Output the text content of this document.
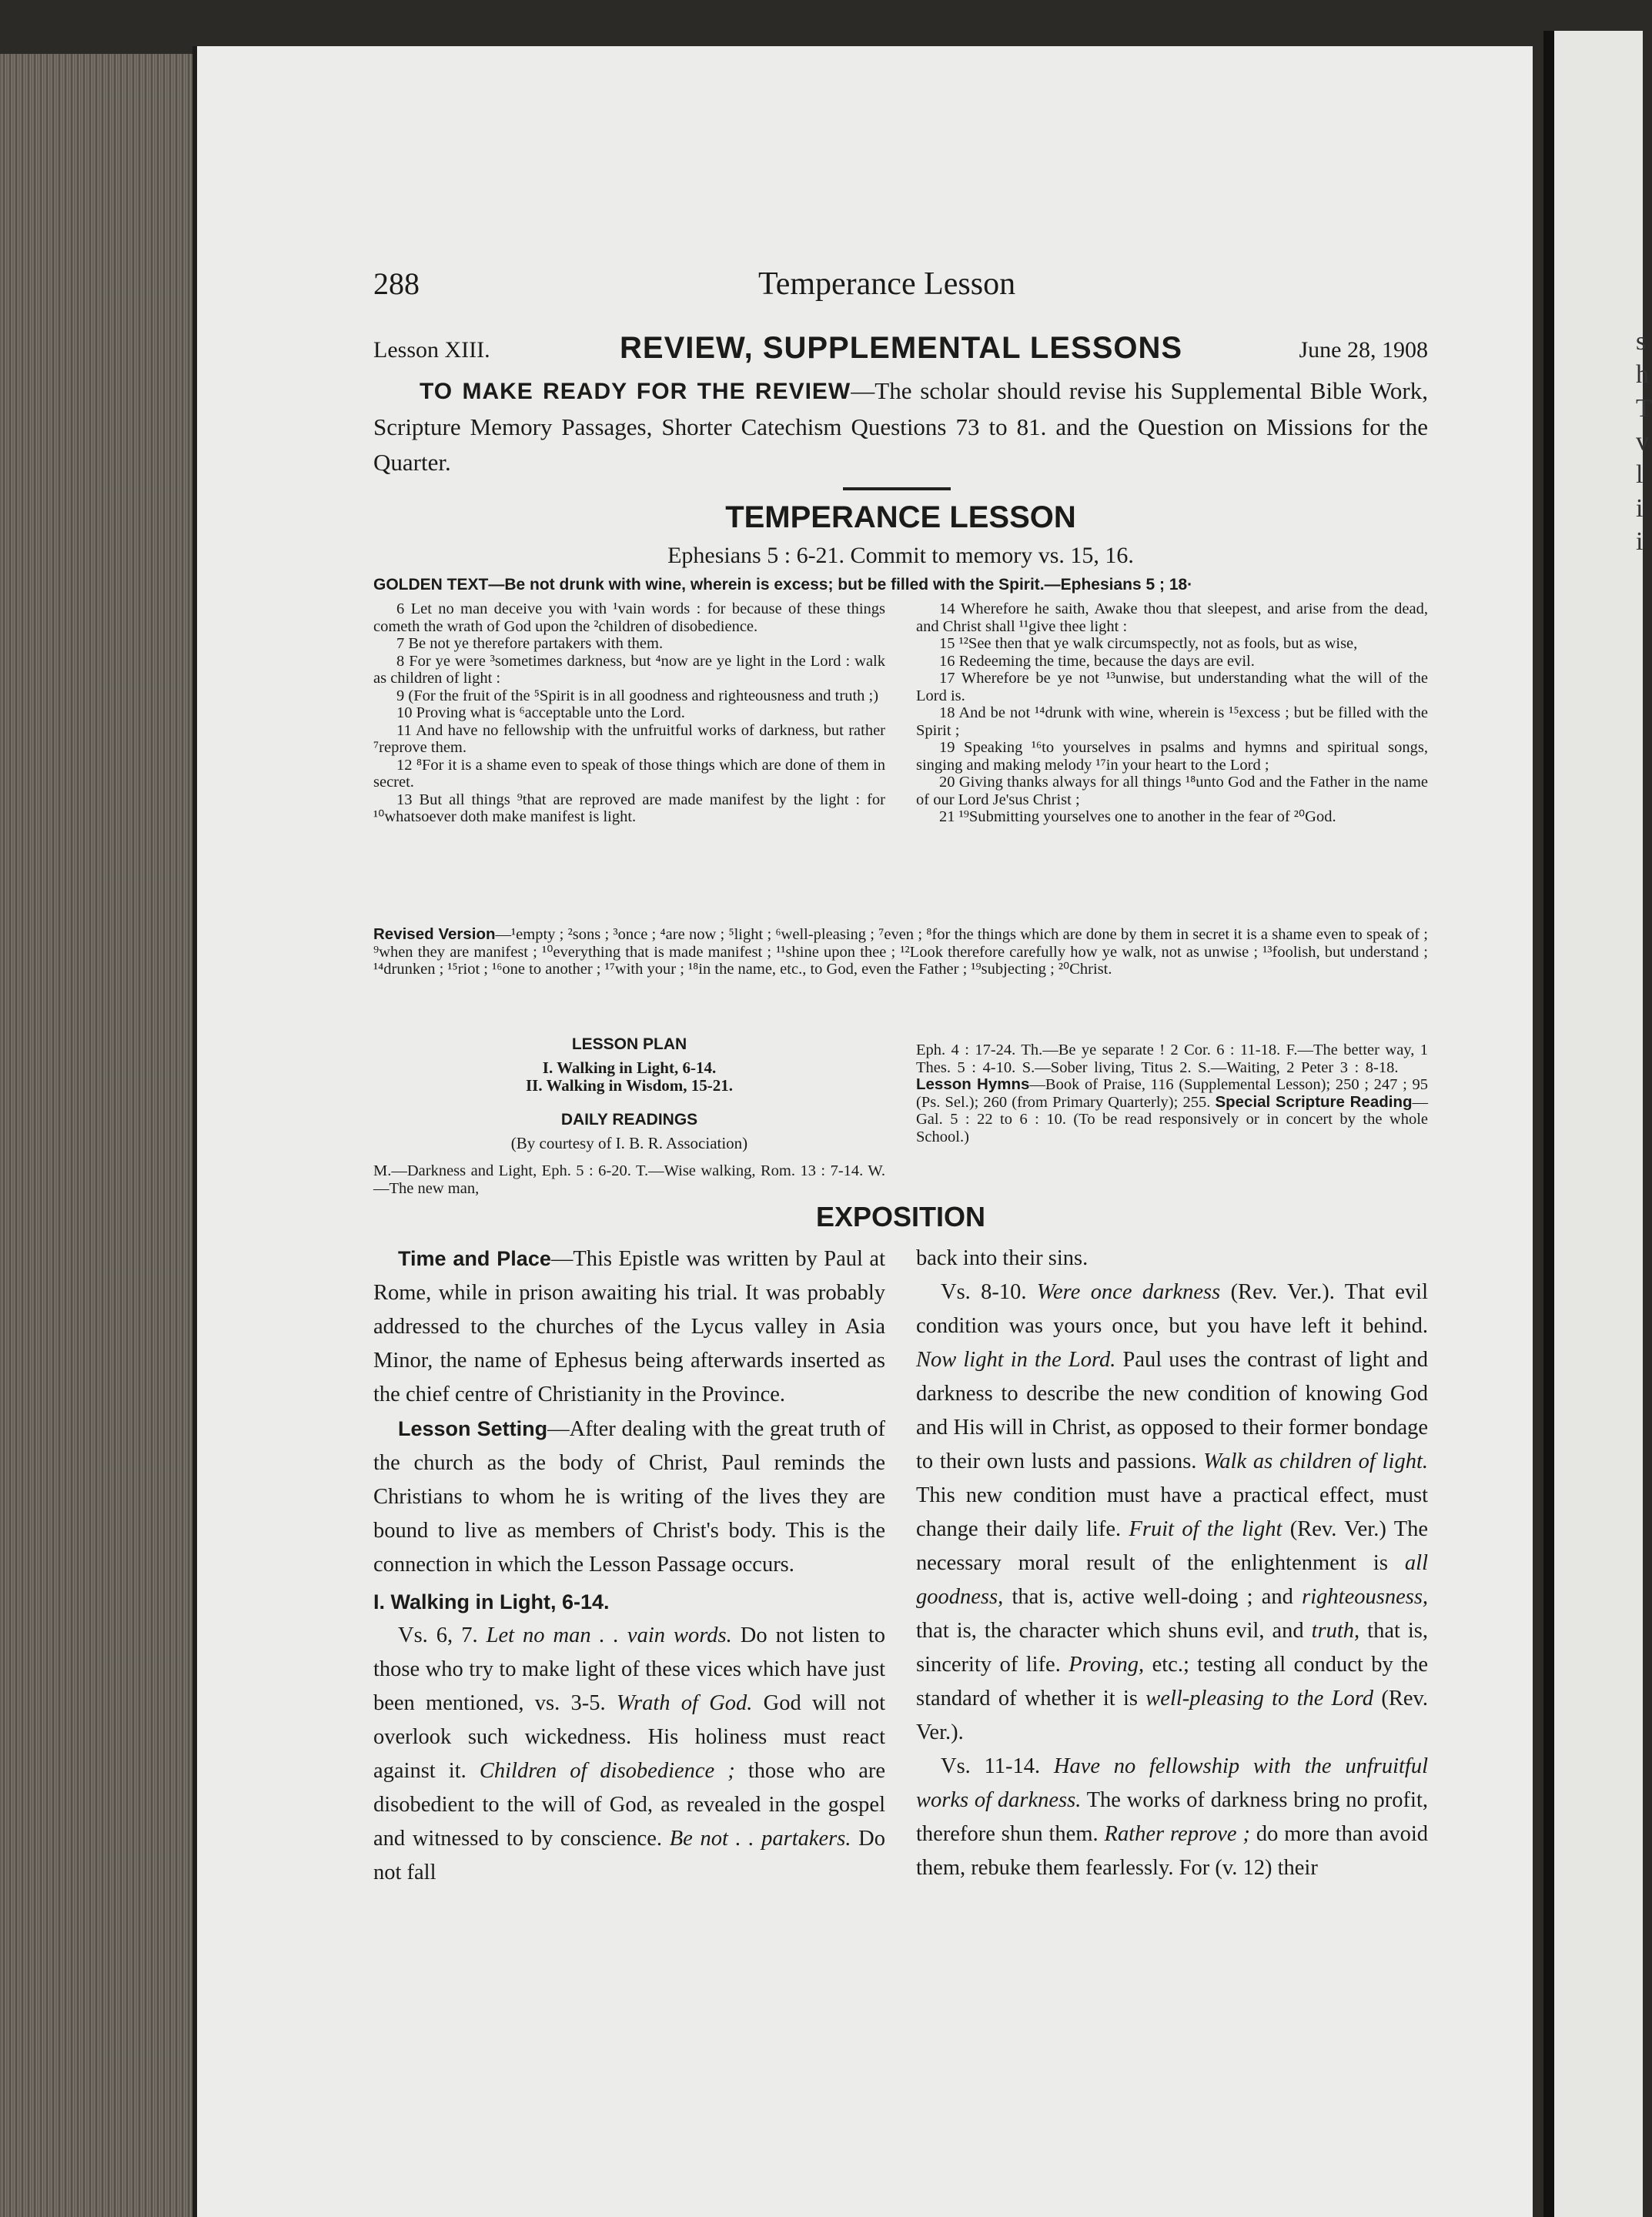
s
h
T
v
l
i
i
288	Temperance Lesson
Lesson XIII.	REVIEW, SUPPLEMENTAL LESSONS	June 28, 1908

TO MAKE READY FOR THE REVIEW—The scholar should revise his Supplemental Bible Work, Scripture Memory Passages, Shorter Catechism Questions 73 to 81. and the Question on Missions for the Quarter.

TEMPERANCE LESSON
Ephesians 5 : 6-21. Commit to memory vs. 15, 16.
GOLDEN TEXT—Be not drunk with wine, wherein is excess; but be filled with the Spirit.—Ephesians 5 ; 18·

6 Let no man deceive you with ¹vain words : for because of these things cometh the wrath of God upon the ²children of disobedience.

7 Be not ye therefore partakers with them.

8 For ye were ³sometimes darkness, but ⁴now are ye light in the Lord : walk as children of light :

9 (For the fruit of the ⁵Spirit is in all goodness and righteousness and truth ;)

10 Proving what is ⁶acceptable unto the Lord.

11 And have no fellowship with the unfruitful works of darkness, but rather ⁷reprove them.

12 ⁸For it is a shame even to speak of those things which are done of them in secret.

13 But all things ⁹that are reproved are made manifest by the light : for ¹⁰whatsoever doth make manifest is light.

14 Wherefore he saith, Awake thou that sleepest, and arise from the dead, and Christ shall ¹¹give thee light :

15 ¹²See then that ye walk circumspectly, not as fools, but as wise,

16 Redeeming the time, because the days are evil.

17 Wherefore be ye not ¹³unwise, but understanding what the will of the Lord is.

18 And be not ¹⁴drunk with wine, wherein is ¹⁵excess ; but be filled with the Spirit ;

19 Speaking ¹⁶to yourselves in psalms and hymns and spiritual songs, singing and making melody ¹⁷in your heart to the Lord ;

20 Giving thanks always for all things ¹⁸unto God and the Father in the name of our Lord Je'sus Christ ;

21 ¹⁹Submitting yourselves one to another in the fear of ²⁰God.

Revised Version—¹empty ; ²sons ; ³once ; ⁴are now ; ⁵light ; ⁶well-pleasing ; ⁷even ; ⁸for the things which are done by them in secret it is a shame even to speak of ; ⁹when they are manifest ; ¹⁰everything that is made manifest ; ¹¹shine upon thee ; ¹²Look therefore carefully how ye walk, not as unwise ; ¹³foolish, but understand ; ¹⁴drunken ; ¹⁵riot ; ¹⁶one to another ; ¹⁷with your ; ¹⁸in the name, etc., to God, even the Father ; ¹⁹subjecting ; ²⁰Christ.

LESSON PLAN
I. Walking in Light, 6-14.
II. Walking in Wisdom, 15-21.
DAILY READINGS
(By courtesy of I. B. R. Association)

M.—Darkness and Light, Eph. 5 : 6-20. T.—Wise walking, Rom. 13 : 7-14. W.—The new man,

Eph. 4 : 17-24. Th.—Be ye separate ! 2 Cor. 6 : 11-18. F.—The better way, 1 Thes. 5 : 4-10. S.—Sober living, Titus 2. S.—Waiting, 2 Peter 3 : 8-18. Lesson Hymns—Book of Praise, 116 (Supplemental Lesson); 250 ; 247 ; 95 (Ps. Sel.); 260 (from Primary Quarterly); 255. Special Scripture Reading—Gal. 5 : 22 to 6 : 10. (To be read responsively or in concert by the whole School.)
EXPOSITION

Time and Place—This Epistle was written by Paul at Rome, while in prison awaiting his trial. It was probably addressed to the churches of the Lycus valley in Asia Minor, the name of Ephesus being afterwards inserted as the chief centre of Christianity in the Province.

Lesson Setting—After dealing with the great truth of the church as the body of Christ, Paul reminds the Christians to whom he is writing of the lives they are bound to live as members of Christ's body. This is the connection in which the Lesson Passage occurs.

I. Walking in Light, 6-14.

Vs. 6, 7. Let no man . . vain words. Do not listen to those who try to make light of these vices which have just been mentioned, vs. 3-5. Wrath of God. God will not overlook such wickedness. His holiness must react against it. Children of disobedience ; those who are disobedient to the will of God, as revealed in the gospel and witnessed to by conscience. Be not . . partakers. Do not fall

back into their sins.

Vs. 8-10. Were once darkness (Rev. Ver.). That evil condition was yours once, but you have left it behind. Now light in the Lord. Paul uses the contrast of light and darkness to describe the new condition of knowing God and His will in Christ, as opposed to their former bondage to their own lusts and passions. Walk as children of light. This new condition must have a practical effect, must change their daily life. Fruit of the light (Rev. Ver.) The necessary moral result of the enlightenment is all goodness, that is, active well-doing ; and righteousness, that is, the character which shuns evil, and truth, that is, sincerity of life. Proving, etc.; testing all conduct by the standard of whether it is well-pleasing to the Lord (Rev. Ver.).

Vs. 11-14. Have no fellowship with the unfruitful works of darkness. The works of darkness bring no profit, therefore shun them. Rather reprove ; do more than avoid them, rebuke them fearlessly. For (v. 12) their
